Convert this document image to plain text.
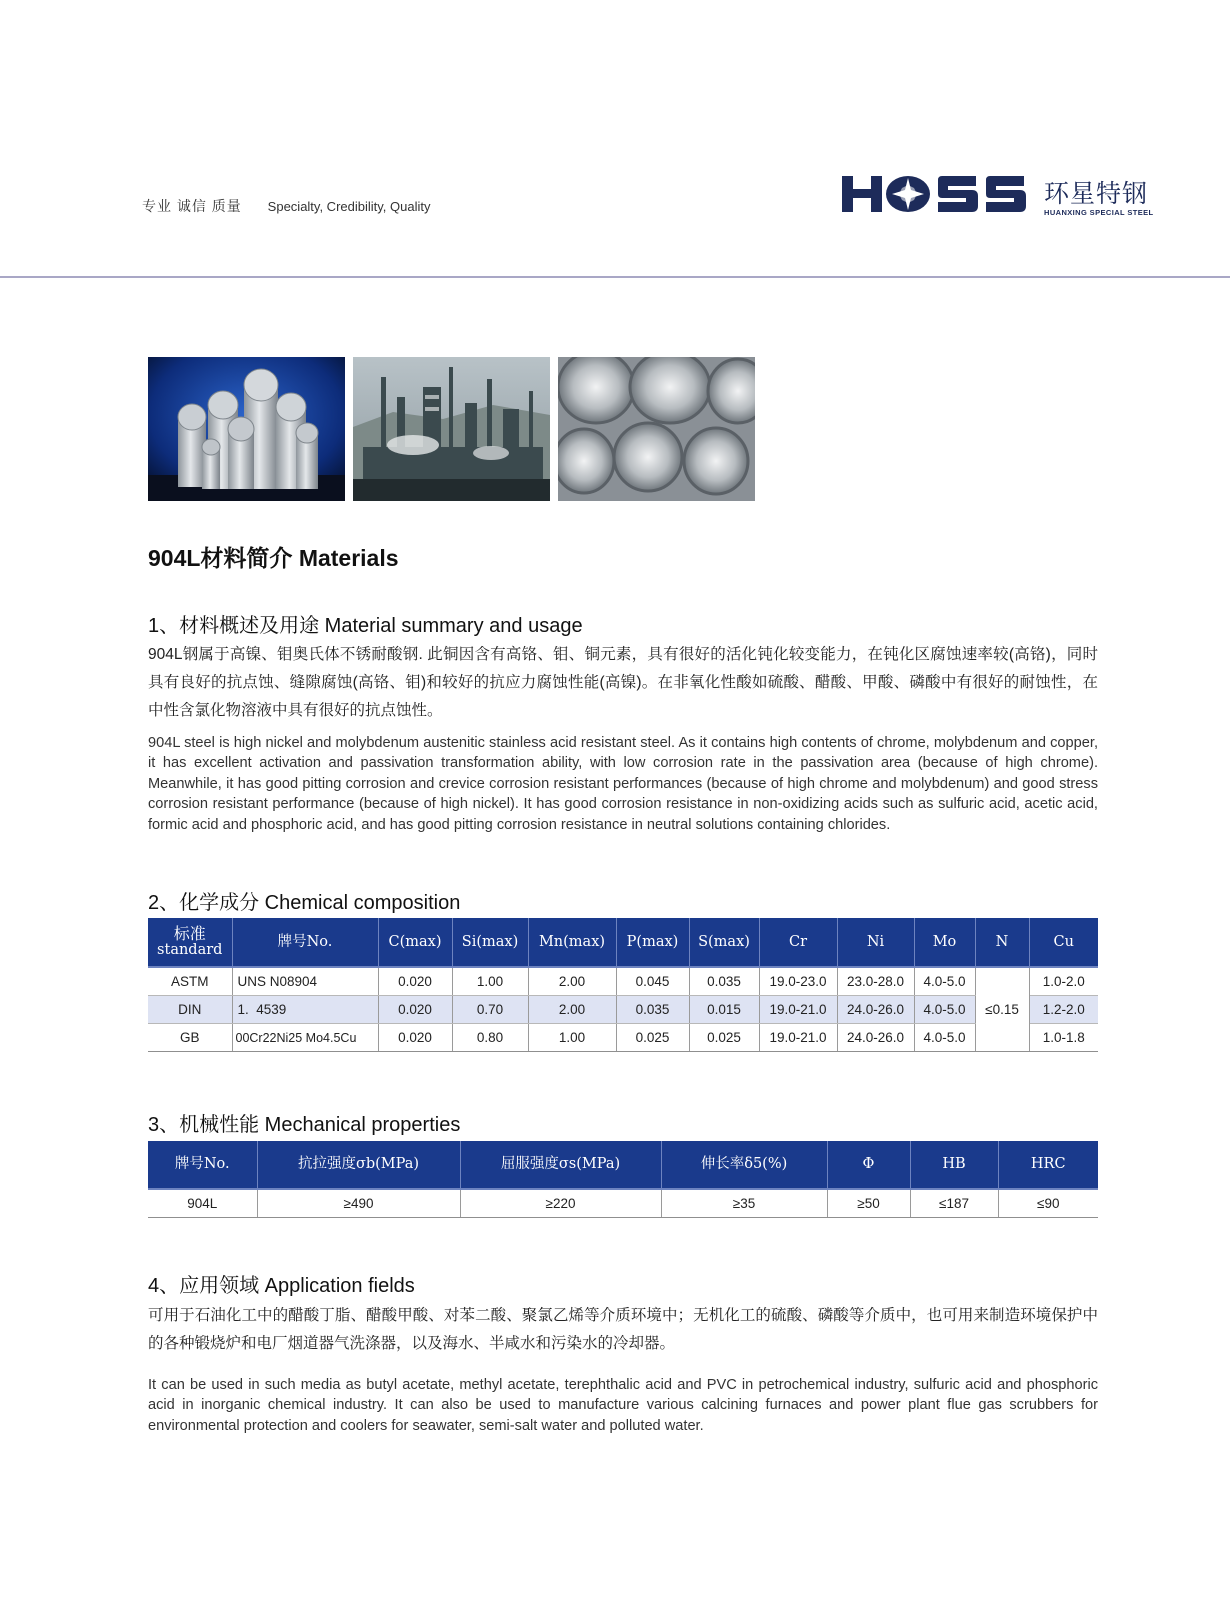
专业 诚信 质量 Specialty, Credibility, Quality	环星特钢
HUANXING SPECIAL STEEL
904L材料简介 Materials
1、材料概述及用途 Material summary and usage
904L钢属于高镍、钼奥氏体不锈耐酸钢. 此铜因含有高铬、钼、铜元素，具有很好的活化钝化较变能力，在钝化区腐蚀速率较(高铬)，同时具有良好的抗点蚀、缝隙腐蚀(高铬、钼)和较好的抗应力腐蚀性能(高镍)。在非氧化性酸如硫酸、醋酸、甲酸、磷酸中有很好的耐蚀性，在中性含氯化物溶液中具有很好的抗点蚀性。
904L steel is high nickel and molybdenum austenitic stainless acid resistant steel. As it contains high contents of chrome, molybdenum and copper, it has excellent activation and passivation transformation ability, with low corrosion rate in the passivation area (because of high chrome). Meanwhile, it has good pitting corrosion and crevice corrosion resistant performances (because of high chrome and molybdenum) and good stress corrosion resistant performance (because of high nickel). It has good corrosion resistance in non-oxidizing acids such as sulfuric acid, acetic acid, formic acid and phosphoric acid, and has good pitting corrosion resistance in neutral solutions containing chlorides.
2、化学成分 Chemical composition
标准
standard	牌号No.	C(max)	Si(max)	Mn(max)	P(max)	S(max)	Cr	Ni	Mo	N	Cu
ASTM	UNS N08904	0.020	1.00	2.00	0.045	0.035	19.0-23.0	23.0-28.0	4.0-5.0	≤0.15	1.0-2.0
DIN	1.  4539	0.020	0.70	2.00	0.035	0.015	19.0-21.0	24.0-26.0	4.0-5.0		1.2-2.0
GB	00Cr22Ni25 Mo4.5Cu	0.020	0.80	1.00	0.025	0.025	19.0-21.0	24.0-26.0	4.0-5.0		1.0-1.8
3、机械性能 Mechanical properties
牌号No.	抗拉强度σb(MPa)	屈服强度σs(MPa)	伸长率δ5(%)	Φ	HB	HRC
904L	≥490	≥220	≥35	≥50	≤187	≤90
4、应用领域 Application fields
可用于石油化工中的醋酸丁脂、醋酸甲酸、对苯二酸、聚氯乙烯等介质环境中；无机化工的硫酸、磷酸等介质中，也可用来制造环境保护中的各种锻烧炉和电厂烟道器气洗涤器，以及海水、半咸水和污染水的冷却器。
It can be used in such media as butyl acetate, methyl acetate, terephthalic acid and PVC in petrochemical industry, sulfuric acid and phosphoric acid in inorganic chemical industry. It can also be used to manufacture various calcining furnaces and power plant flue gas scrubbers for environmental protection and coolers for seawater, semi-salt water and polluted water.
